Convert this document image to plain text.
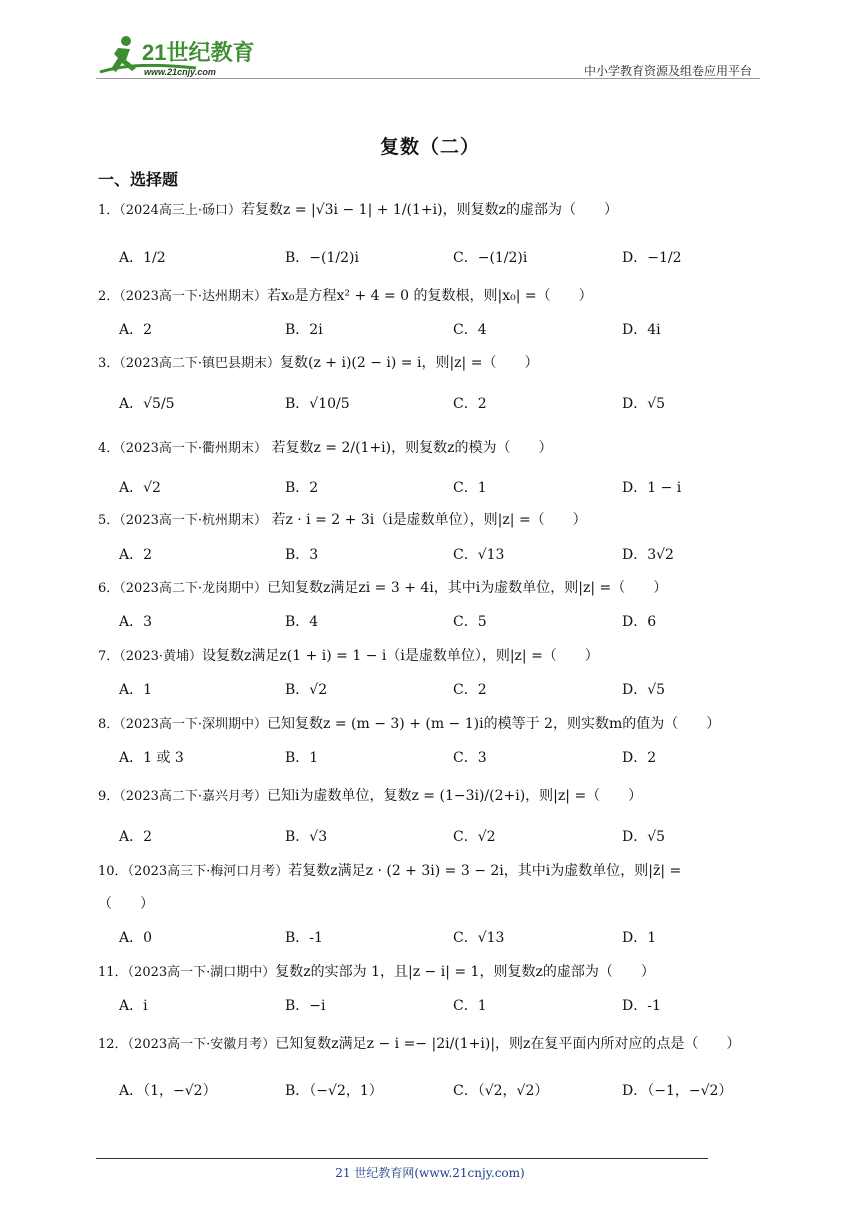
21世纪教育
www.21cnjy.com	中小学教育资源及组卷应用平台
复数（二）
一、选择题
1．（2024高三上·砀口）若复数z = |√3i − 1| + 1/(1+i)，则复数z的虚部为（　　）
A．1/2	B．−(1/2)i	C．−(1/2)i	D．−1/2
2．（2023高一下·达州期末）若x₀是方程x² + 4 = 0 的复数根，则|x₀| =（　　）
A．2	B．2i	C．4	D．4i
3．（2023高二下·镇巴县期末）复数(z + i)(2 − i) = i，则|z| =（　　）
A．√5/5	B．√10/5	C．2	D．√5
4．（2023高一下·衢州期末） 若复数z = 2/(1+i)，则复数z的模为（　　）
A．√2	B．2	C．1	D．1 − i
5．（2023高一下·杭州期末） 若z · i = 2 + 3i（i是虚数单位），则|z| =（　　）
A．2	B．3	C．√13	D．3√2
6．（2023高二下·龙岗期中）已知复数z满足zi = 3 + 4i，其中i为虚数单位，则|z| =（　　）
A．3	B．4	C．5	D．6
7．（2023·黄埔）设复数z满足z(1 + i) = 1 − i（i是虚数单位），则|z| =（　　）
A．1	B．√2	C．2	D．√5
8．（2023高一下·深圳期中）已知复数z = (m − 3) + (m − 1)i的模等于 2，则实数m的值为（　　）
A．1 或 3	B．1	C．3	D．2
9．（2023高二下·嘉兴月考）已知i为虚数单位，复数z = (1−3i)/(2+i)，则|z| =（　　）
A．2	B．√3	C．√2	D．√5
10．（2023高三下·梅河口月考）若复数z满足z · (2 + 3i) = 3 − 2i，其中i为虚数单位，则|z̄| =
（　　）
A．0	B．-1	C．√13	D．1
11．（2023高一下·湖口期中）复数z的实部为 1，且|z − i| = 1，则复数z的虚部为（　　）
A．i	B．−i	C．1	D．-1
12．（2023高一下·安徽月考）已知复数z满足z − i =− |2i/(1+i)|，则z在复平面内所对应的点是（　　）
A．（1，−√2）	B．（−√2，1）	C．（√2，√2）	D．（−1，−√2）
21 世纪教育网(www.21cnjy.com)
